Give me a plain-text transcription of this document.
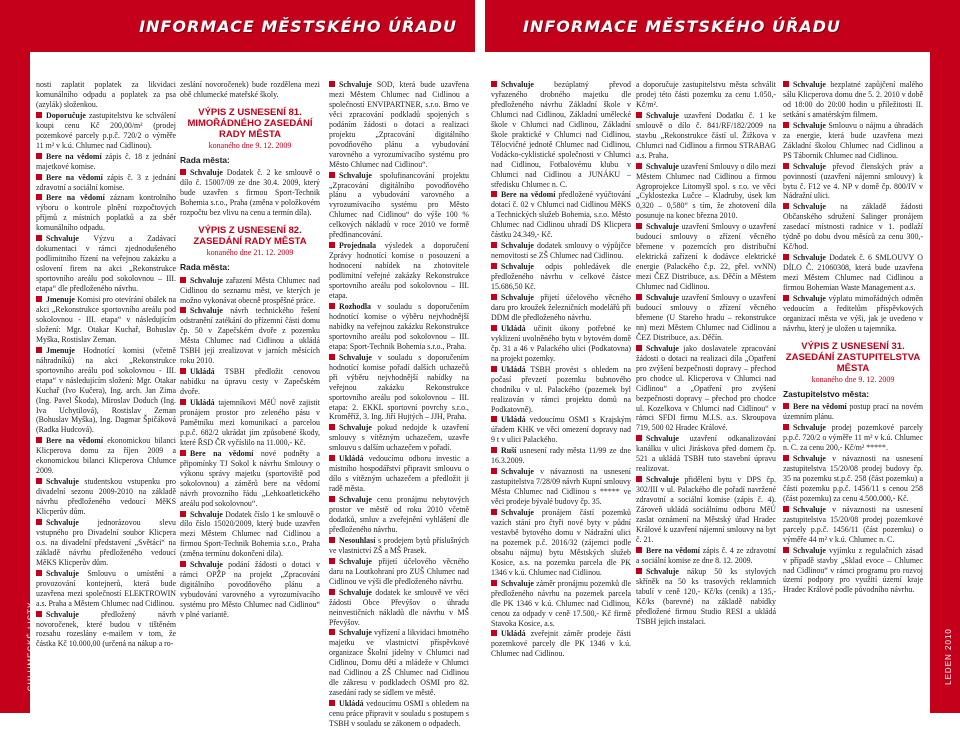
INFORMACE MĚSTSKÉHO ÚŘADU	INFORMACE MĚSTSKÉHO ÚŘADU
CHLUMECKÉ LISTY
8
LEDEN 2010
9

nosti zaplatit poplatek za likvidaci komunálního odpadu a poplatek za psa (azylák) složenkou.

Doporučuje zastupitelstvu ke schválení koupi cenu Kč 200,00/m² (prodej pozemkové parcely p.p.č. 720/2 o výměře 11 m² v k.ú. Chlumec nad Cidlinou).

Bere na vědomí zápis č. 18 z jednání majetkové komise.

Bere na vědomí zápis č. 3 z jednání zdravotní a sociální komise.

Bere na vědomí záznam kontrolního výboru o kontrole plnění rozpočtových příjmů z místních poplatků a za sběr komunálního odpadu.

Schvaluje Výzvu a Zadávací dokumentaci v rámci zjednodušeného podlimitního řízení na veřejnou zakázku a oslovení firem na akci „Rekonstrukce sportovního areálu pod sokolovnou – III. etapa“ dle předloženého návrhu.

Jmenuje Komisi pro otevírání obálek na akci „Rekonstrukce sportovního areálu pod sokolovnou - III. etapa“ v následujícím složení: Mgr. Otakar Kuchař, Bohuslav Myška, Rostislav Zeman.

Jmenuje Hodnotící komisi (včetně náhradníků) na akci „Rekonstrukce sportovního areálu pod sokolovnou - III. etapa“ v následujícím složení: Mgr. Otakar Kuchař (Ivo Kučera), Ing. arch. Jan Zima (Ing. Pavel Škoda), Miroslav Doduch (Ing. Iva Uchytilová), Rostislav Zeman (Bohuslav Myška), Ing. Dagmar Špičáková (Radka Hudcová).

Bere na vědomí ekonomickou bilanci Klicperova domu za říjen 2009 a ekonomickou bilanci Klicperova Chlumce 2009.

Schvaluje studentskou vstupenku pro divadelní sezonu 2009-2010 na základě návrhu předloženého vedoucí MěKS Klicperův dům.

Schvaluje jednorázovou slevu vstupného pro Divadelní soubor Klicpera o.s. na divadelní představení „Světáci“ na základě návrhu předloženého vedoucí MěKS Klicperův dům.

Schvaluje Smlouvu o umístění a provozování kontejnerů, která bude uzavřena mezi společností ELEKTROWIN a.s. Praha a Městem Chlumec nad Cidlinou.

Schvaluje	předložený návrh novoročenek, které budou v tištěném rozsahu rozeslány e-mailem v tom, že částka Kč 10.000,00 (určená na nákup a ro-

zeslání novoročenek) bude rozdělena mezi obě chlumecké mateřské školy.

VÝPIS Z USNESENÍ 81. MIMOŘÁDNÉHO ZASEDÁNÍ RADY MĚSTA
konaného dne 9. 12. 2009
Rada města:

Schvaluje Dodatek č. 2 ke smlouvě o dílo č. 15007/09 ze dne 30.4. 2009, který bude uzavřen s firmou Sport-Technik Bohemia s.r.o., Praha (změna v položkovém rozpočtu bez vlivu na cenu a termín díla).

VÝPIS Z USNESENÍ 82. ZASEDÁNÍ RADY MĚSTA
konaného dne 21. 12. 2009
Rada města:

Schvaluje zařazení Města Chlumec nad Cidlinou do seznamu měst, ve kterých je možno vykonávat obecně prospěšné práce.

Schvaluje návrh technického řešení odstranění zatékání do přízemní části domu čp. 50 v Zapečském dvoře z pozemku Města Chlumec nad Cidlinou a ukládá TSBH její zrealizovat v jarních měsících roku 2010.

Ukládá TSBH předložit cenovou nabídku na úpravu cesty v Zapečském dvoře.

Ukládá tajemníkovi MěÚ nově zajistit pronájem prostor pro zeleného pásu v Pamětníku mezi komunikací a parcelou p.p.č. 682/2 ukrádat jím způsobené škody, které ŘSD ČR vyčíslilo na 11.000,- Kč.

Bere na vědomí nové podněty a připomínky TJ Sokol k návrhu Smlouvy o výkonu správy majetku (sportoviště pod sokolovnou) a záměrů bere na vědomí návrh provozního řádu „Lehkoatletického areálu pod sokolovnou“.

Schvaluje Dodatek číslo 1 ke smlouvě o dílo číslo 15020/2009, který bude uzavřen mezi Městem Chlumec nad Cidlinou a firmou Sport-Technik Bohemia s.r.o., Praha (změna termínu dokončení díla).

Schvaluje podání žádosti o dotaci v rámci OPŽP na projekt „Zpracování digitálního povodňového plánu a vybudování varovného a vyrozumívacího systému pro Město Chlumec nad Cidlinou“ v plné variantě.

Schvaluje SOD, která bude uzavřena mezi Městem Chlumec nad Cidlinou a společností ENVIPARTNER, s.r.o. Brno ve věci zpracování podkladů spojených s podáním žádosti o dotaci a realizaci projektu „Zpracování digitálního povodňového plánu a vybudování varovného a vyrozumívacího systému pro Město Chlumec nad Cidlinou“.

Schvaluje spolufinancování projektu „Zpracování digitálního povodňového plánu a vybudování varovného a vyrozumívacího systému pro Město Chlumec nad Cidlinou“ do výše 100 % celkových nákladů v roce 2010 ve formě předfinancování.

Projednala výsledek a doporučení Zprávy hodnotící komise o posouzení a hodnocení nabídek na zhotovitele podlimitní veřejné zakázky Rekonstrukce sportovního areálu pod sokolovnou – III. etapa.

Rozhodla v souladu s doporučením hodnotící komise o výběru nejvhodnější nabídky na veřejnou zakázku Rekonstrukce sportovního areálu pod sokolovnou – III. etapa: Sport-Technik Bohemia s.r.o., Praha.

Schvaluje v souladu s doporučením hodnotící komise pořadí dalších uchazečů při výběru nejvhodnější nabídky na veřejnou zakázku Rekonstrukce sportovního areálu pod sokolovnou – III. etapa: 2. EKKL sportovní povrchy s.r.o., Kroměříž, 3. Ing. Jiří Hujtých – JJH, Praha.

Schvaluje pokud nedojde k uzavření smlouvy s vítězným uchazečem, uzavře smlouvu s dalším uchazečem v pořadí.

Ukládá vedoucímu odboru investic a místního hospodářství připravit smlouvu o dílo s vítězným uchazečem a předložit ji radě města.

Schvaluje cenu pronájmu nebytových prostor ve městě od roku 2010 včetně dodatků, smluv a zveřejnění vyhlášení dle předloženého návrhu.

Nesouhlasí s prodejem bytů příslušných ve vlastnictví ZŠ a MŠ Prasek.

Schvaluje přijetí účelového věcného daru na Loutkohraní pro ZUŠ Chlumec nad Cidlinou ve výši dle předloženého návrhu.

Schvaluje dodatek ke smlouvě ve věci žádosti Obce Převýšov o úhradu neinvestičních nákladů dle návrhu v MŠ Převýšov.

Schvaluje vyřízení a likvidaci hmotného majetku ve vlastnictví příspěvkové organizace Školní jídelny v Chlumci nad Cidlinou, Domu dětí a mládeže v Chlumci nad Cidlinou a ZŠ Chlumec nad Cidlinou dle zákresu v podkladech OSMI pro 82. zasedání rady se sídlem ve městě.

Ukládá vedoucímu OSMI s ohledem na cenu práce připravit v souladu s postupem s TSBH v souladu se zákonem o odpadech.

Schvaluje	bezúplatný převod vyřazeného drobného majetku dle předloženého návrhu Základní škole v Chlumci nad Cidlinou, Základní umělecké škole v Chlumci nad Cidlinou, Základní škole praktické v Chlumci nad Cidlinou, Tělocvičné jednotě Chlumec nad Cidlinou, Vodácko-cyklistické společnosti v Chlumci nad Cidlinou, Fotbalovému klubu v Chlumci nad Cidlinou a JUNÁKU – středisku Chlumec n. C.

Bere na vědomí předložené vyúčtování dotací č. 02 v Chlumci nad Cidlinou MěKS a Technických služeb Bohemia, s.r.o. Město Chlumec nad Cidlinou uhradí DS Klicpera částku 24.349,- Kč.

Schvaluje dodatek smlouvy o výpůjčce nemovitosti se ZŠ Chlumec nad Cidlinou.

Schvaluje odpis pohledávek dle předloženého návrhu v celkové částce 15.686,50 Kč.

Schvaluje přijetí účelového věcného daru pro kroužek železničních modelářů při DDM dle předloženého návrhu.

Ukládá učinit úkony potřebné ke vyklizení uvolněného bytu v bytovém domě čp. 31 a 46 v Palackého ulici (Podkatovna) na projekt pozemky.

Ukládá TSBH provést s ohledem na počasí převzetí pozemku bubnového chodníku v ul. Palackého (pozemek byl realizován v rámci projektu domů na Podkatovně).

Ukládá vedoucímu OSMI s Krajským úřadem KHK ve věci omezení dopravy nad 9 t v ulici Palackého.

Ruší usnesení rady města 11/99 ze dne 16.3.2009.

Schvaluje v návaznosti na usnesení zastupitelstva 7/28/09 návrh Kupní smlouvy Města Chlumec nad Cidlinou s ***** ve věci prodeje bývalé budovy čp. 35.

Schvaluje pronájem částí pozemků vazích stání pro čtyři nové byty v půdní vestavbě bytového domu v Nádražní ulici na pozemek p.č. 2016/32 (zájemci podle obsahu nájmu) bytu Městských služeb Kosice, a.s. na pozemku parcela dle PK 1346 v k.ú. Chlumec nad Cidlinou.

Schvaluje záměr pronájmu pozemků dle předloženého návrhu na pozemek parcela dle PK 1346 v k.ú. Chlumec nad Cidlinou, cenou za odpady v ceně 17.500,- Kč firmě Stavoka Kosice, a.s.

Ukládá zveřejnit záměr prodeje části pozemkové parcely dle PK 1346 v k.ú. Chlumec nad Cidlinou.

a doporučuje zastupitelstvu města schválit prodej této části pozemku za cenu 1.050,- Kč/m².

Schvaluje uzavření Dodatku č. 1 ke smlouvě o dílo č. 841/RF/182/2009 na stavbu „Rekonstrukce částí ul. Žižkova v Chlumci nad Cidlinou a firmou STRABAG a.s. Praha.

Schvaluje uzavření Smlouvy o dílo mezi Městem Chlumec nad Cidlinou a firmou Agroprojekce Litomyšl spol. s r.o. ve věci „Cyklostezka Lučce – Kladruby, úsek km 0,320 – 0,580“ s tím, že zhotovení díla posunuje na konec března 2010.

Schvaluje uzavření Smlouvy o uzavření budoucí smlouvy o zřízení věcného břemene v pozemcích pro distribuční elektrická zařízení k dodávce elektrické energie (Palackého č.p. 22, přel. vvNN) mezi ČEZ Distribuce, a.s. Děčín a Městem Chlumec nad Cidlinou.

Schvaluje uzavření Smlouvy o uzavření budoucí smlouvy o zřízení věcného břemene (U Stareho hradu – rekonstrukce nn) mezi Městem Chlumec nad Cidlinou a ČEZ Distribuce, a.s. Děčín.

Schvaluje jako doslavatele zpracování žádosti o dotaci na realizaci díla „Opatření pro zvýšení bezpečnosti dopravy – přechod pro chodce ul. Klicperova v Chlumci nad Cidlinou“ a „Opatření pro zvýšení bezpečnosti dopravy – přechod pro chodce ul. Kozelkova v Chlumci nad Cidlinou“ v rámci SFDI firmu M.I.S. a.s. Skroupova 719, 500 02 Hradec Králové.

Schvaluje uzavření odkanalizování kanálku v ulici Jiráskova před domem čp. 521 a ukládá TSBH tuto stavební úpravu realizovat.

Schvaluje přidělení bytu v DPS čp. 302/III v ul. Palackého dle pořadí navržené zdravotní a sociální komise (zápis č. 4). Zároveň ukládá sociálnímu odboru MěÚ zaslat oznámení na Městský úřad Hradec Králové k uzavření nájemní smlouvy na byt č. 21.

Bere na vědomí zápis č. 4 ze zdravotní a sociální komise ze dne 8. 12. 2009.

Schvaluje nákup 50 ks stylových skříněk na 50 ks trasových reklamních tabulí v ceně 120,- Kč/ks (ceník) a 135,- Kč/ks (barevné) na základě nabídky předložené firmou Studio RESI a ukládá TSBH jejich instalaci.

Schvaluje bezplatné zapůjčení malého sálu Klicperova domu dne 5. 2. 2010 v době od 18:00 do 20:00 hodin u příležitosti II. setkání s amatérským filmem.

Schvaluje Smlouvu o nájmu a úhradách za energie, která bude uzavřena mezi Základní školou Chlumec nad Cidlinou a PS Tábornik Chlumec nad Cidlinou.

Schvaluje převod členských práv a povinností (uzavření nájemní smlouvy) k bytu č. F12 ve 4. NP v domě čp. 800/IV v Nádražní ulici.

Schvaluje na základě žádosti Občanského sdružení Salinger pronájem zasedací místnosti radnice v 1. podlaží týdně po dobu dvou měsíců za cenu 300,- Kč/hod.

Schvaluje Dodatek č. 6 SMLOUVY O DÍLO Č. 21060308, která bude uzavřena mezi Městem Chlumec nad Cidlinou a firmou Bohemian Waste Management a.s.

Schvaluje výplatu mimořádných odměn vedoucím a ředitelům příspěvkových organizací města ve výši, jak je uvedeno v návrhu, který je uložen u tajemníka.

VÝPIS Z USNESENÍ 31. ZASEDÁNÍ ZASTUPITELSTVA MĚSTA
konaného dne 9. 12. 2009
Zastupitelstvo města:

Bere na vědomí postup prací na novém územním plánu.

Schvaluje prodej pozemkové parcely p.p.č. 720/2 o výměře 11 m² v k.ú. Chlumec n. C. za cenu 200,- Kč/m² *****.

Schvaluje v návaznosti na usnesení zastupitelstva 15/20/08 prodej budovy čp. 35 na pozemku st.p.č. 258 (část pozemku) a části pozemku p.p.č. 1456/11 s cenou 258 (část pozemku) za cenu 4.500.000,- Kč.

Schvaluje v návaznosti na usnesení zastupitelstva 15/20/08 prodej pozemkové parcely p.p.č. 1456/11 (část pozemku) o výměře 44 m² v k.ú. Chlumec n. C.

Schvaluje vyjímku z regulačních zásad v případě stavby „Sklad evoce – Chlumec nad Cidlinou“ v rámci programu pro rozvoj území podpory pro využití území kraje Hradec Králové podle původního návrhu.
